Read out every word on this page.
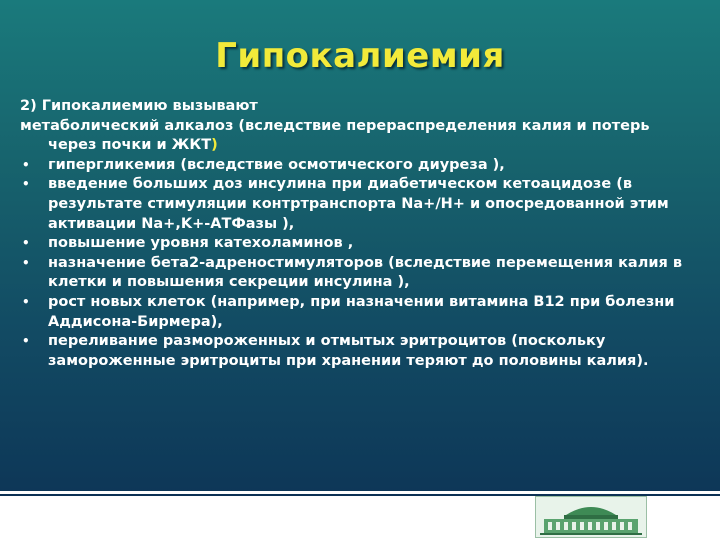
Гипокалиемия

2) Гипокалиемию вызывают

метаболический алкалоз (вследствие перераспределения калия и потерь через почки и ЖКТ)

• гипергликемия (вследствие осмотического диуреза ),
• введение больших доз инсулина при диабетическом кетоацидозе (в результате стимуляции контртранспорта Na+/H+ и опосредованной этим активации Na+,K+-АТФазы ),
• повышение уровня катехоламинов ,
• назначение бета2-адреностимуляторов (вследствие перемещения калия в клетки и повышения секреции инсулина ),
• рост новых клеток (например, при назначении витамина B12 при болезни Аддисона-Бирмера),
• переливание размороженных и отмытых эритроцитов (поскольку замороженные эритроциты при хранении теряют до половины калия).
